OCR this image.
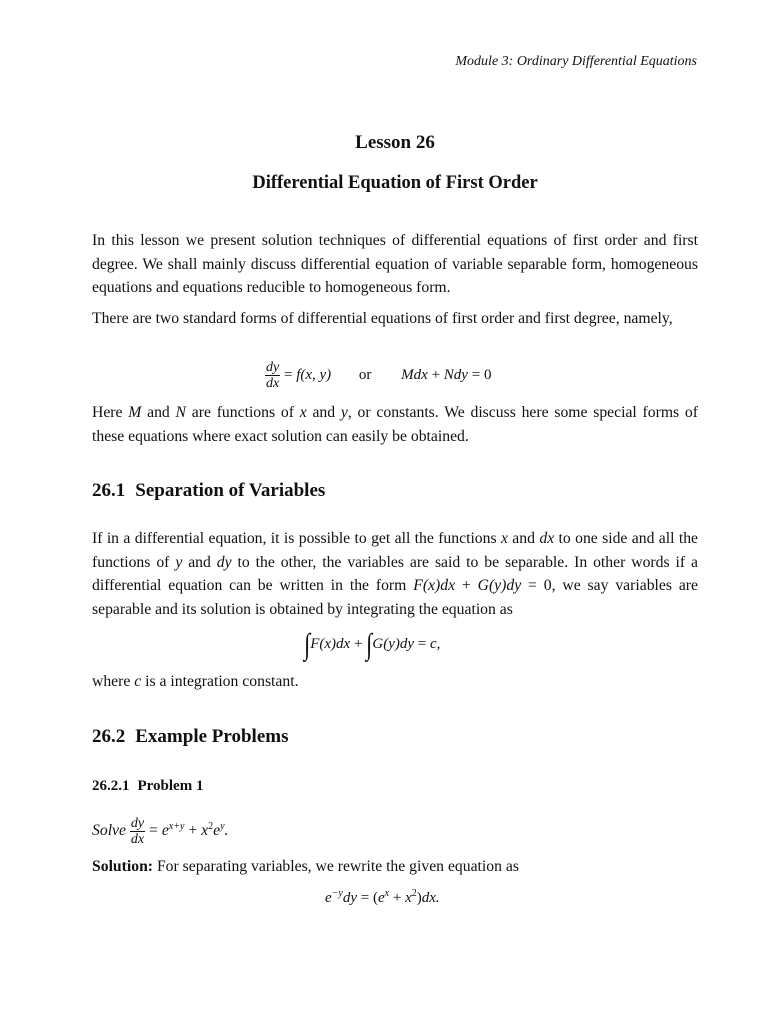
Module 3: Ordinary Differential Equations
Lesson 26
Differential Equation of First Order

In this lesson we present solution techniques of differential equations of first order and first degree. We shall mainly discuss differential equation of variable separable form, homogeneous equations and equations reducible to homogeneous form.

There are two standard forms of differential equations of first order and first degree, namely,

$\frac{dy}{dx} = f(x$, y) or Mdx + Ndy = 0

Here M and N are functions of x and y, or constants. We discuss here some special forms of these equations where exact solution can easily be obtained.

26.1 Separation of Variables

If in a differential equation, it is possible to get all the functions x and dx to one side and all the functions of y and dy to the other, the variables are said to be separable. In other words if a differential equation can be written in the form F(x)dx + G(y)dy = 0, we say variables are separable and its solution is obtained by integrating the equation as

∫F(x)dx + ∫G(y)dy = c,

where c is a integration constant.

26.2 Example Problems
26.2.1 Problem 1
Solve $\frac{dy}{dx} = e^{x+y} + x^2e^y$.

Solution: For separating variables, we rewrite the given equation as

$e^{-y}dy = (e^x + x^2)dx$.
